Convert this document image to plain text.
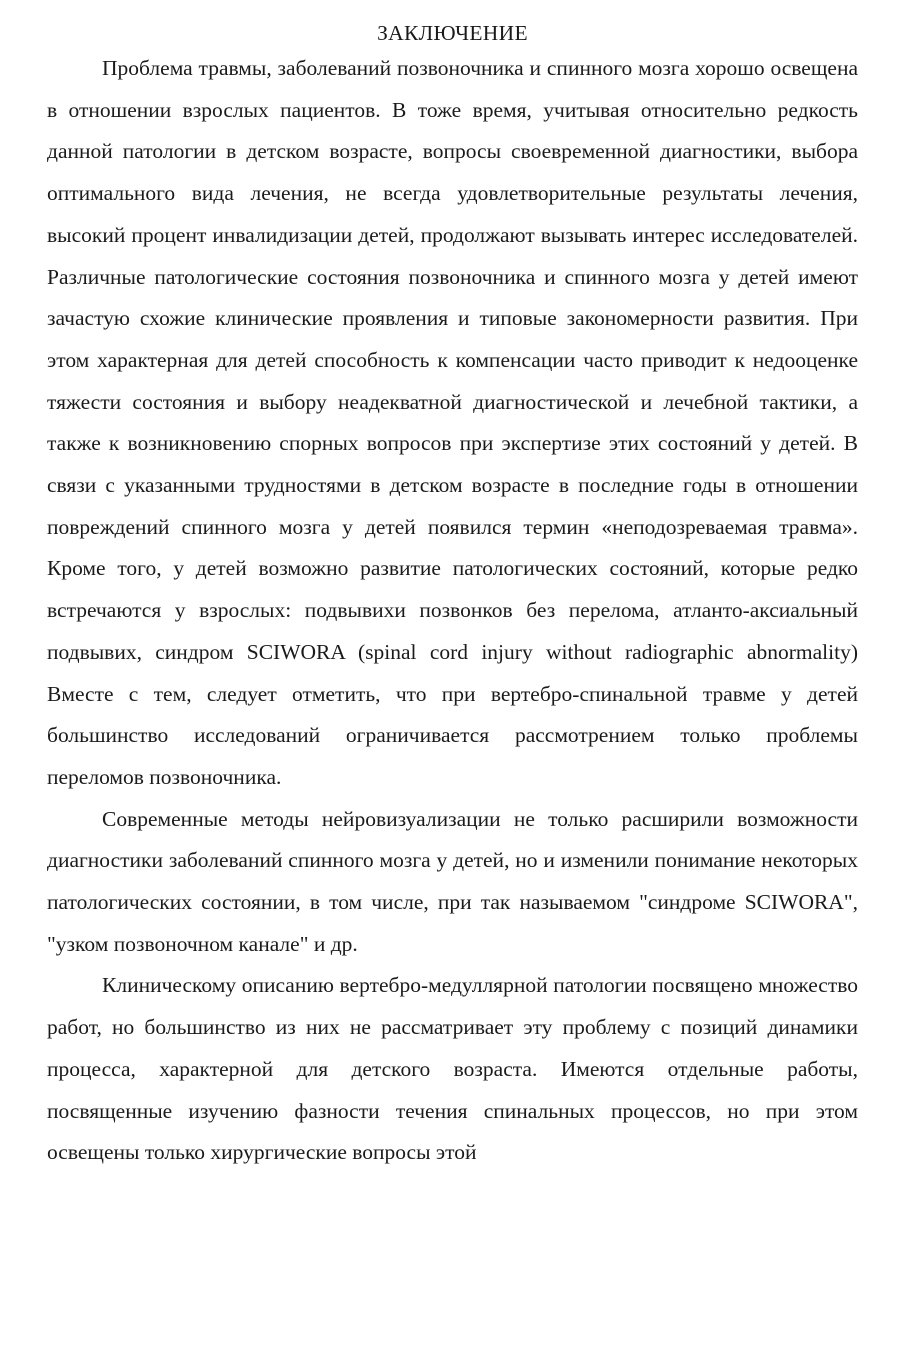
ЗАКЛЮЧЕНИЕ

Проблема травмы, заболеваний позвоночника и спинного мозга хорошо освещена в отношении взрослых пациентов. В тоже время, учитывая относительно редкость данной патологии в детском возрасте, вопросы своевременной диагностики, выбора оптимального вида лечения, не всегда удовлетворительные результаты лечения, высокий процент инвалидизации детей, продолжают вызывать интерес исследователей. Различные патологические состояния позвоночника и спинного мозга у детей имеют зачастую схожие клинические проявления и типовые закономерности развития. При этом характерная для детей способность к компенсации часто приводит к недооценке тяжести состояния и выбору неадекватной диагностической и лечебной тактики, а также к возникновению спорных вопросов при экспертизе этих состояний у детей. В связи с указанными трудностями в детском возрасте в последние годы в отношении повреждений спинного мозга у детей появился термин «неподозреваемая травма». Кроме того, у детей возможно развитие патологических состояний, которые редко встречаются у взрослых: подвывихи позвонков без перелома, атланто-аксиальный подвывих, синдром SCIWORA (spinal cord injury without radiographic abnormality) Вместе с тем, следует отметить, что при вертебро-спинальной травме у детей большинство исследований ограничивается рассмотрением только проблемы переломов позвоночника.

Современные методы нейровизуализации не только расширили возможности диагностики заболеваний спинного мозга у детей, но и изменили понимание некоторых патологических состоянии, в том числе, при так называемом "синдроме SCIWORA", "узком позвоночном канале" и др.

Клиническому описанию вертебро-медуллярной патологии посвящено множество работ, но большинство из них не рассматривает эту проблему с позиций динамики процесса, характерной для детского возраста. Имеются отдельные работы, посвященные изучению фазности течения спинальных процессов, но при этом освещены только хирургические вопросы этой
